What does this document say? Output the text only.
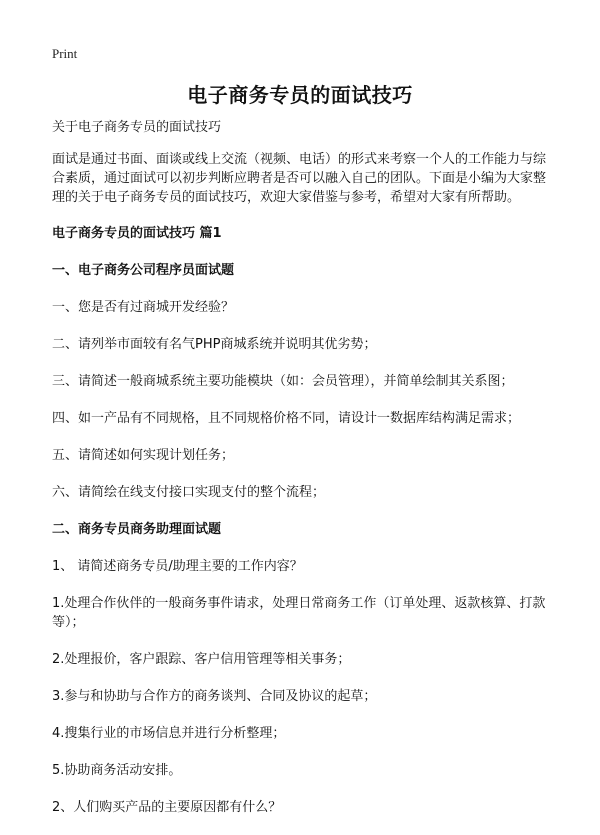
Print
电子商务专员的面试技巧

关于电子商务专员的面试技巧

面试是通过书面、面谈或线上交流（视频、电话）的形式来考察一个人的工作能力与综合素质，通过面试可以初步判断应聘者是否可以融入自己的团队。下面是小编为大家整理的关于电子商务专员的面试技巧，欢迎大家借鉴与参考，希望对大家有所帮助。

电子商务专员的面试技巧 篇1

一、电子商务公司程序员面试题

一、您是否有过商城开发经验？

二、请列举市面较有名气PHP商城系统并说明其优劣势；

三、请简述一般商城系统主要功能模块（如：会员管理），并简单绘制其关系图；

四、如一产品有不同规格，且不同规格价格不同，请设计一数据库结构满足需求；

五、请简述如何实现计划任务；

六、请简绘在线支付接口实现支付的整个流程；

二、商务专员商务助理面试题

1、 请简述商务专员/助理主要的工作内容？

1.处理合作伙伴的一般商务事件请求，处理日常商务工作（订单处理、返款核算、打款等）；

2.处理报价，客户跟踪、客户信用管理等相关事务；

3.参与和协助与合作方的商务谈判、合同及协议的起草；

4.搜集行业的市场信息并进行分析整理；

5.协助商务活动安排。

2、人们购买产品的主要原因都有什么？
